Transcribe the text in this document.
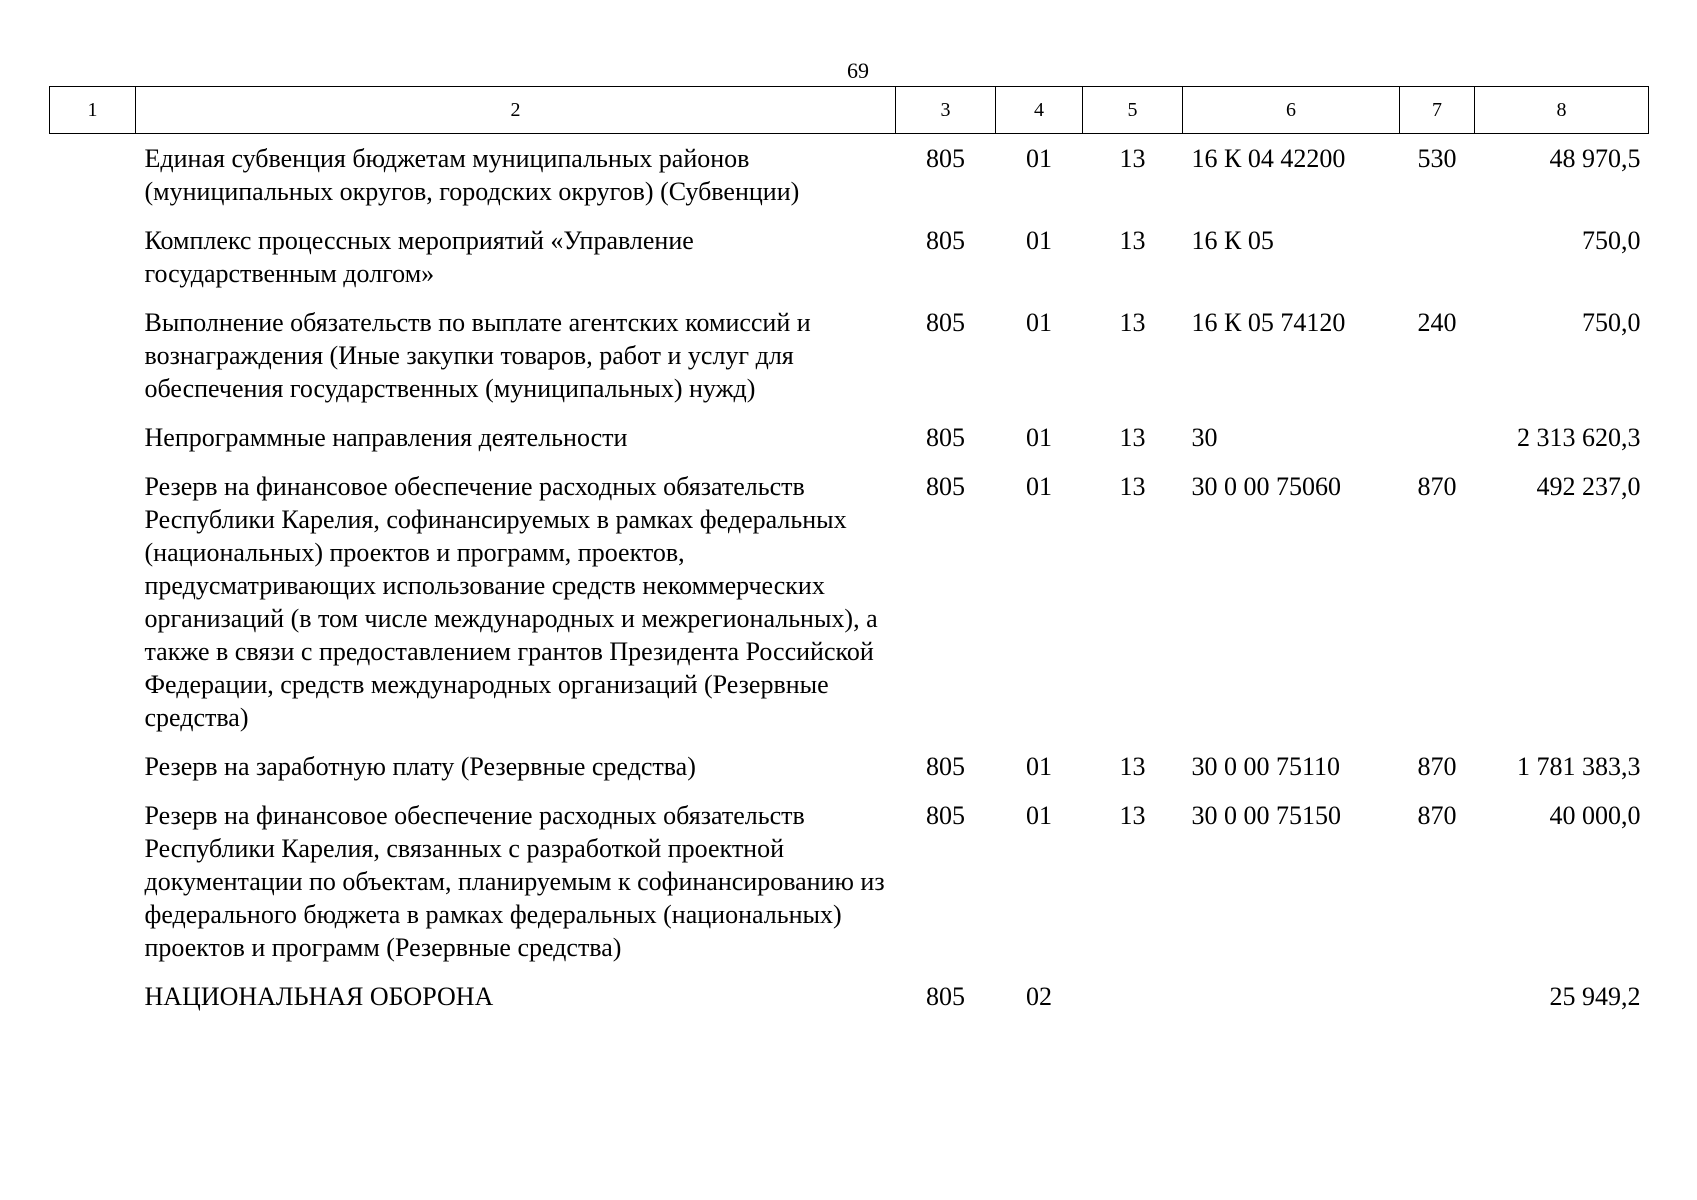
69
1	2	3	4	5	6	7	8
	Единая субвенция бюджетам муниципальных районов (муниципальных округов, городских округов) (Субвенции)	805	01	13	16 К 04 42200	530	48 970,5
	Комплекс процессных мероприятий «Управление государственным долгом»	805	01	13	16 К 05		750,0
	Выполнение обязательств по выплате агентских комиссий и вознаграждения (Иные закупки товаров, работ и услуг для обеспечения государственных (муниципальных) нужд)	805	01	13	16 К 05 74120	240	750,0
	Непрограммные направления деятельности	805	01	13	30		2 313 620,3
	Резерв на финансовое обеспечение расходных обязательств Республики Карелия, софинансируемых в рамках федеральных (национальных) проектов и программ, проектов, предусматривающих использование средств некоммерческих организаций (в том числе международных и межрегиональных), а также в связи с предоставлением грантов Президента Российской Федерации, средств международных организаций (Резервные средства)	805	01	13	30 0 00 75060	870	492 237,0
	Резерв на заработную плату (Резервные средства)	805	01	13	30 0 00 75110	870	1 781 383,3
	Резерв на финансовое обеспечение расходных обязательств Республики Карелия, связанных с разработкой проектной документации по объектам, планируемым к софинансированию из федерального бюджета в рамках федеральных (национальных) проектов и программ (Резервные средства)	805	01	13	30 0 00 75150	870	40 000,0
	НАЦИОНАЛЬНАЯ ОБОРОНА	805	02				25 949,2
